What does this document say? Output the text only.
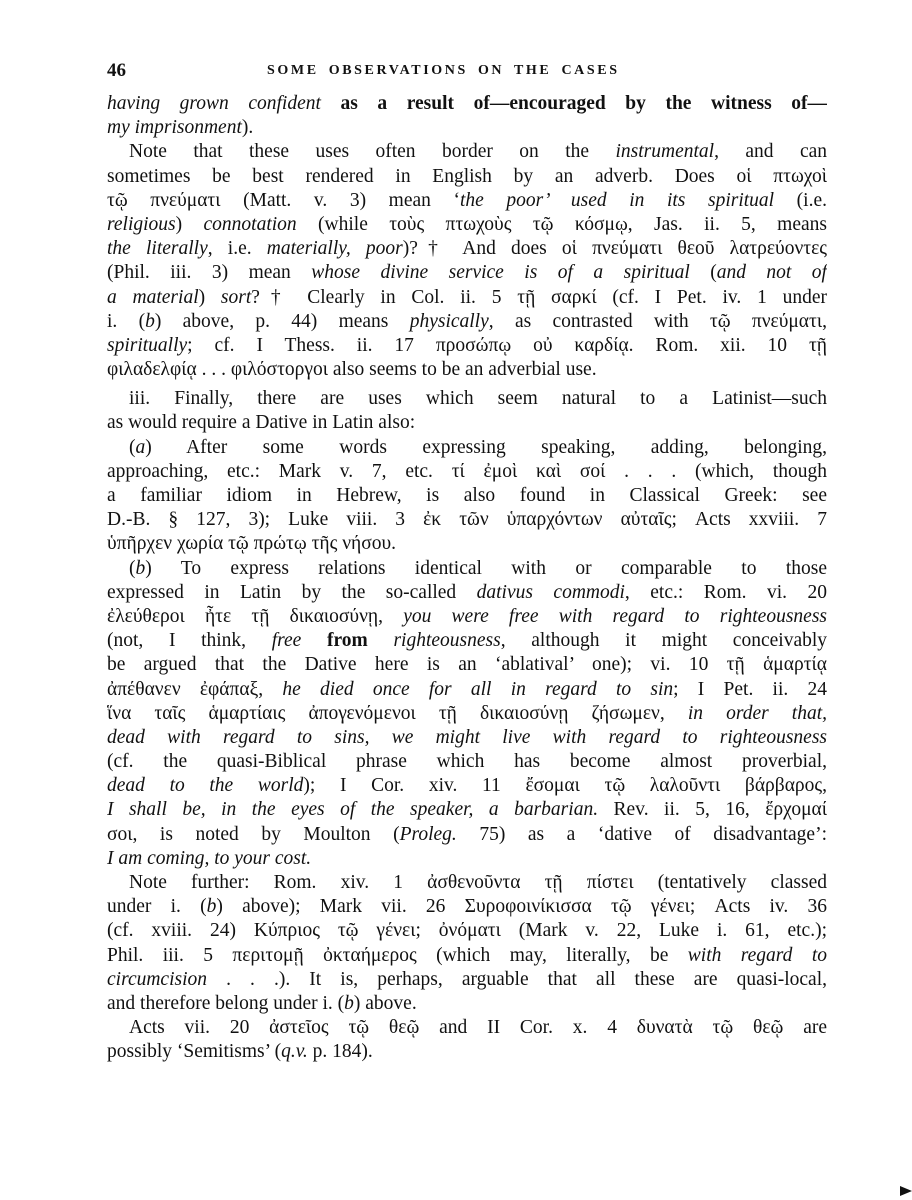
46	SOME OBSERVATIONS ON THE CASES
having grown confident as a result of—encouraged by the witness of—
my imprisonment).
Note that these uses often border on the instrumental, and can
sometimes be best rendered in English by an adverb. Does οἱ πτωχοὶ
τῷ πνεύματι (Matt. v. 3) mean ‘the poor’ used in its spiritual (i.e.
religious) connotation (while τοὺς πτωχοὺς τῷ κόσμῳ, Jas. ii. 5, means
the literally, i.e. materially, poor)?† And does οἱ πνεύματι θεοῦ λατρεύοντες
(Phil. iii. 3) mean whose divine service is of a spiritual (and not of
a material) sort?† Clearly in Col. ii. 5 τῇ σαρκί (cf. I Pet. iv. 1 under
i. (b) above, p. 44) means physically, as contrasted with τῷ πνεύματι,
spiritually; cf. I Thess. ii. 17 προσώπῳ οὐ καρδίᾳ. Rom. xii. 10 τῇ
φιλαδελφίᾳ . . . φιλόστοργοι also seems to be an adverbial use.
iii. Finally, there are uses which seem natural to a Latinist—such
as would require a Dative in Latin also:
(a) After some words expressing speaking, adding, belonging,
approaching, etc.: Mark v. 7, etc. τί ἐμοὶ καὶ σοί . . . (which, though
a familiar idiom in Hebrew, is also found in Classical Greek: see
D.-B. § 127, 3); Luke viii. 3 ἐκ τῶν ὑπαρχόντων αὐταῖς; Acts xxviii. 7
ὑπῆρχεν χωρία τῷ πρώτῳ τῆς νήσου.
(b) To express relations identical with or comparable to those
expressed in Latin by the so-called dativus commodi, etc.: Rom. vi. 20
ἐλεύθεροι ἦτε τῇ δικαιοσύνῃ, you were free with regard to righteousness
(not, I think, free from righteousness, although it might conceivably
be argued that the Dative here is an ‘ablatival’ one); vi. 10 τῇ ἁμαρτίᾳ
ἀπέθανεν ἐφάπαξ, he died once for all in regard to sin; I Pet. ii. 24
ἵνα ταῖς ἁμαρτίαις ἀπογενόμενοι τῇ δικαιοσύνῃ ζήσωμεν, in order that,
dead with regard to sins, we might live with regard to righteousness
(cf. the quasi-Biblical phrase which has become almost proverbial,
dead to the world); I Cor. xiv. 11 ἔσομαι τῷ λαλοῦντι βάρβαρος,
I shall be, in the eyes of the speaker, a barbarian. Rev. ii. 5, 16, ἔρχομαί
σοι, is noted by Moulton (Proleg. 75) as a ‘dative of disadvantage’:
I am coming, to your cost.
Note further: Rom. xiv. 1 ἀσθενοῦντα τῇ πίστει (tentatively classed
under i. (b) above); Mark vii. 26 Συροφοινίκισσα τῷ γένει; Acts iv. 36
(cf. xviii. 24) Κύπριος τῷ γένει; ὀνόματι (Mark v. 22, Luke i. 61, etc.);
Phil. iii. 5 περιτομῇ ὀκταήμερος (which may, literally, be with regard to
circumcision . . .). It is, perhaps, arguable that all these are quasi-local,
and therefore belong under i. (b) above.
Acts vii. 20 ἀστεῖος τῷ θεῷ and II Cor. x. 4 δυνατὰ τῷ θεῷ are
possibly ‘Semitisms’ (q.v. p. 184).
